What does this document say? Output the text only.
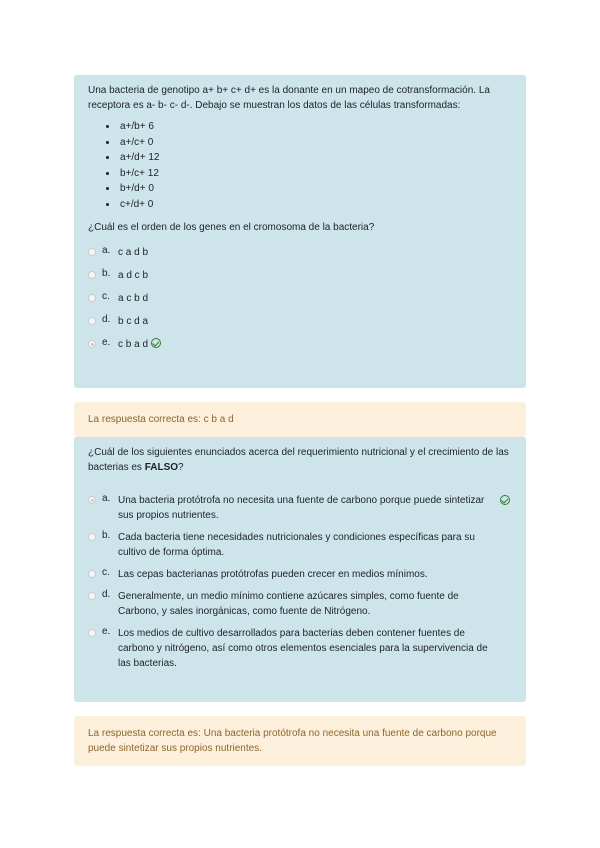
Una bacteria de genotipo a+ b+ c+ d+ es la donante en un mapeo de cotransformación. La receptora es a- b- c- d-. Debajo se muestran los datos de las células transformadas:

• a+/b+ 6
• a+/c+ 0
• a+/d+ 12
• b+/c+ 12
• b+/d+ 0
• c+/d+ 0

¿Cuál es el orden de los genes en el cromosoma de la bacteria?

a. c a d b
b. a d c b
c. a c b d
d. b c d a
e. c b a d
La respuesta correcta es: c b a d

¿Cuál de los siguientes enunciados acerca del requerimiento nutricional y el crecimiento de las bacterias es FALSO?

a. Una bacteria protótrofa no necesita una fuente de carbono porque puede sintetizar sus propios nutrientes.
b. Cada bacteria tiene necesidades nutricionales y condiciones específicas para su cultivo de forma óptima.
c. Las cepas bacterianas protótrofas pueden crecer en medios mínimos.
d. Generalmente, un medio mínimo contiene azúcares simples, como fuente de Carbono, y sales inorgánicas, como fuente de Nitrógeno.
e. Los medios de cultivo desarrollados para bacterias deben contener fuentes de carbono y nitrógeno, así como otros elementos esenciales para la supervivencia de las bacterias.
La respuesta correcta es: Una bacteria protótrofa no necesita una fuente de carbono porque puede sintetizar sus propios nutrientes.
